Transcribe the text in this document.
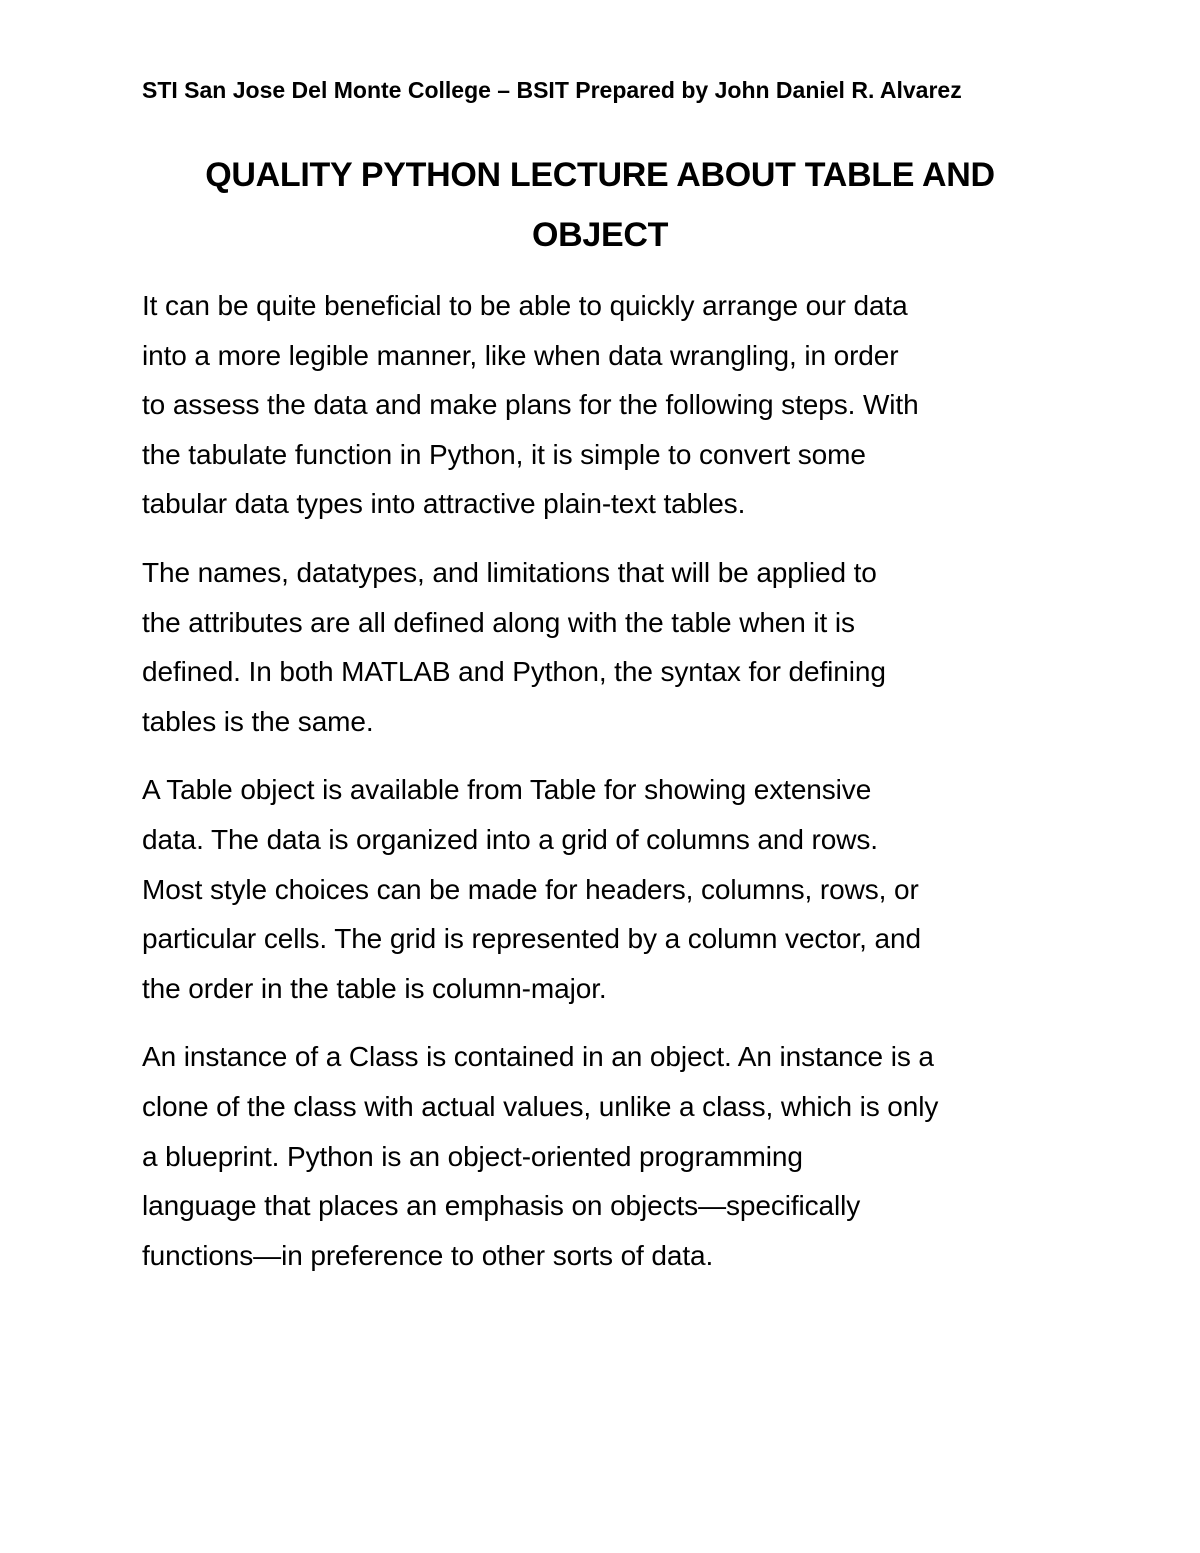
STI San Jose Del Monte College – BSIT Prepared by John Daniel R. Alvarez
QUALITY PYTHON LECTURE ABOUT TABLE AND
OBJECT

It can be quite beneficial to be able to quickly arrange our data
into a more legible manner, like when data wrangling, in order
to assess the data and make plans for the following steps. With
the tabulate function in Python, it is simple to convert some
tabular data types into attractive plain-text tables.

The names, datatypes, and limitations that will be applied to
the attributes are all defined along with the table when it is
defined. In both MATLAB and Python, the syntax for defining
tables is the same.

A Table object is available from Table for showing extensive
data. The data is organized into a grid of columns and rows.
Most style choices can be made for headers, columns, rows, or
particular cells. The grid is represented by a column vector, and
the order in the table is column-major.

An instance of a Class is contained in an object. An instance is a
clone of the class with actual values, unlike a class, which is only
a blueprint. Python is an object-oriented programming
language that places an emphasis on objects—specifically
functions—in preference to other sorts of data.
